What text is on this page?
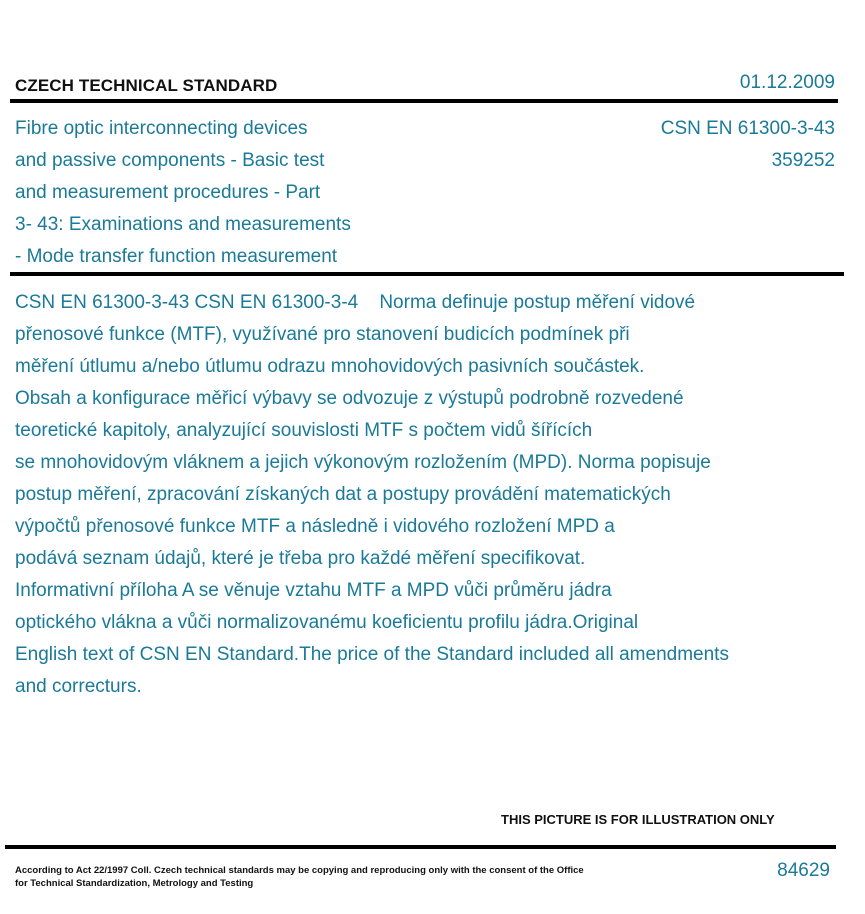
CZECH TECHNICAL STANDARD	01.12.2009
Fibre optic interconnecting devices
and passive components - Basic test
and measurement procedures - Part
3- 43: Examinations and measurements
- Mode transfer function measurement
CSN EN 61300-3-43
359252
CSN EN 61300-3-43 CSN EN 61300-3-4    Norma definuje postup měření vidové
přenosové funkce (MTF), využívané pro stanovení budicích podmínek při
měření útlumu a/nebo útlumu odrazu mnohovidových pasivních součástek.
Obsah a konfigurace měřicí výbavy se odvozuje z výstupů podrobně rozvedené
teoretické kapitoly, analyzující souvislosti MTF s počtem vidů šířících
se mnohovidovým vláknem a jejich výkonovým rozložením (MPD). Norma popisuje
postup měření, zpracování získaných dat a postupy provádění matematických
výpočtů přenosové funkce MTF a následně i vidového rozložení MPD a
podává seznam údajů, které je třeba pro každé měření specifikovat.
Informativní příloha A se věnuje vztahu MTF a MPD vůči průměru jádra
optického vlákna a vůči normalizovanému koeficientu profilu jádra.Original
English text of CSN EN Standard.The price of the Standard included all amendments
and correcturs.
THIS PICTURE IS FOR ILLUSTRATION ONLY
According to Act 22/1997 Coll. Czech technical standards may be copying and reproducing only with the consent of the Office for Technical Standardization, Metrology and Testing
84629
